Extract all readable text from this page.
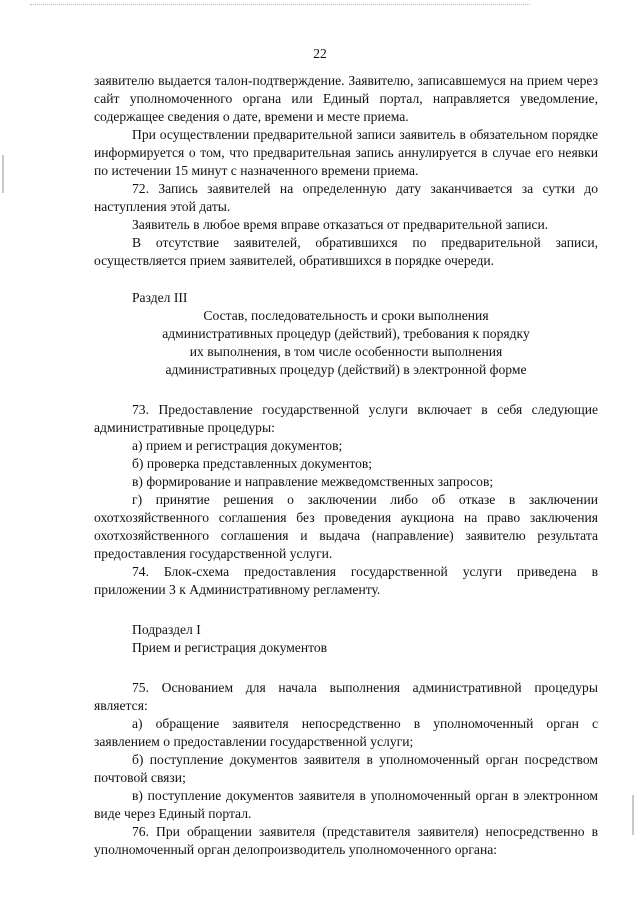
22

заявителю выдается талон-подтверждение. Заявителю, записавшемуся на прием через сайт уполномоченного органа или Единый портал, направляется уведомление, содержащее сведения о дате, времени и месте приема.

При осуществлении предварительной записи заявитель в обязательном порядке информируется о том, что предварительная запись аннулируется в случае его неявки по истечении 15 минут с назначенного времени приема.

72. Запись заявителей на определенную дату заканчивается за сутки до наступления этой даты.

Заявитель в любое время вправе отказаться от предварительной записи.

В отсутствие заявителей, обратившихся по предварительной записи, осуществляется прием заявителей, обратившихся в порядке очереди.

Раздел III

Состав, последовательность и сроки выполнения
административных процедур (действий), требования к порядку
их выполнения, в том числе особенности выполнения
административных процедур (действий) в электронной форме

73. Предоставление государственной услуги включает в себя следующие административные процедуры:

а) прием и регистрация документов;

б) проверка представленных документов;

в) формирование и направление межведомственных запросов;

г) принятие решения о заключении либо об отказе в заключении охотхозяйственного соглашения без проведения аукциона на право заключения охотхозяйственного соглашения и выдача (направление) заявителю результата предоставления государственной услуги.

74. Блок-схема предоставления государственной услуги приведена в приложении 3 к Административному регламенту.

Подраздел I

Прием и регистрация документов

75. Основанием для начала выполнения административной процедуры является:

а) обращение заявителя непосредственно в уполномоченный орган с заявлением о предоставлении государственной услуги;

б) поступление документов заявителя в уполномоченный орган посредством почтовой связи;

в) поступление документов заявителя в уполномоченный орган в электронном виде через Единый портал.

76. При обращении заявителя (представителя заявителя) непосредственно в уполномоченный орган делопроизводитель уполномоченного органа:
